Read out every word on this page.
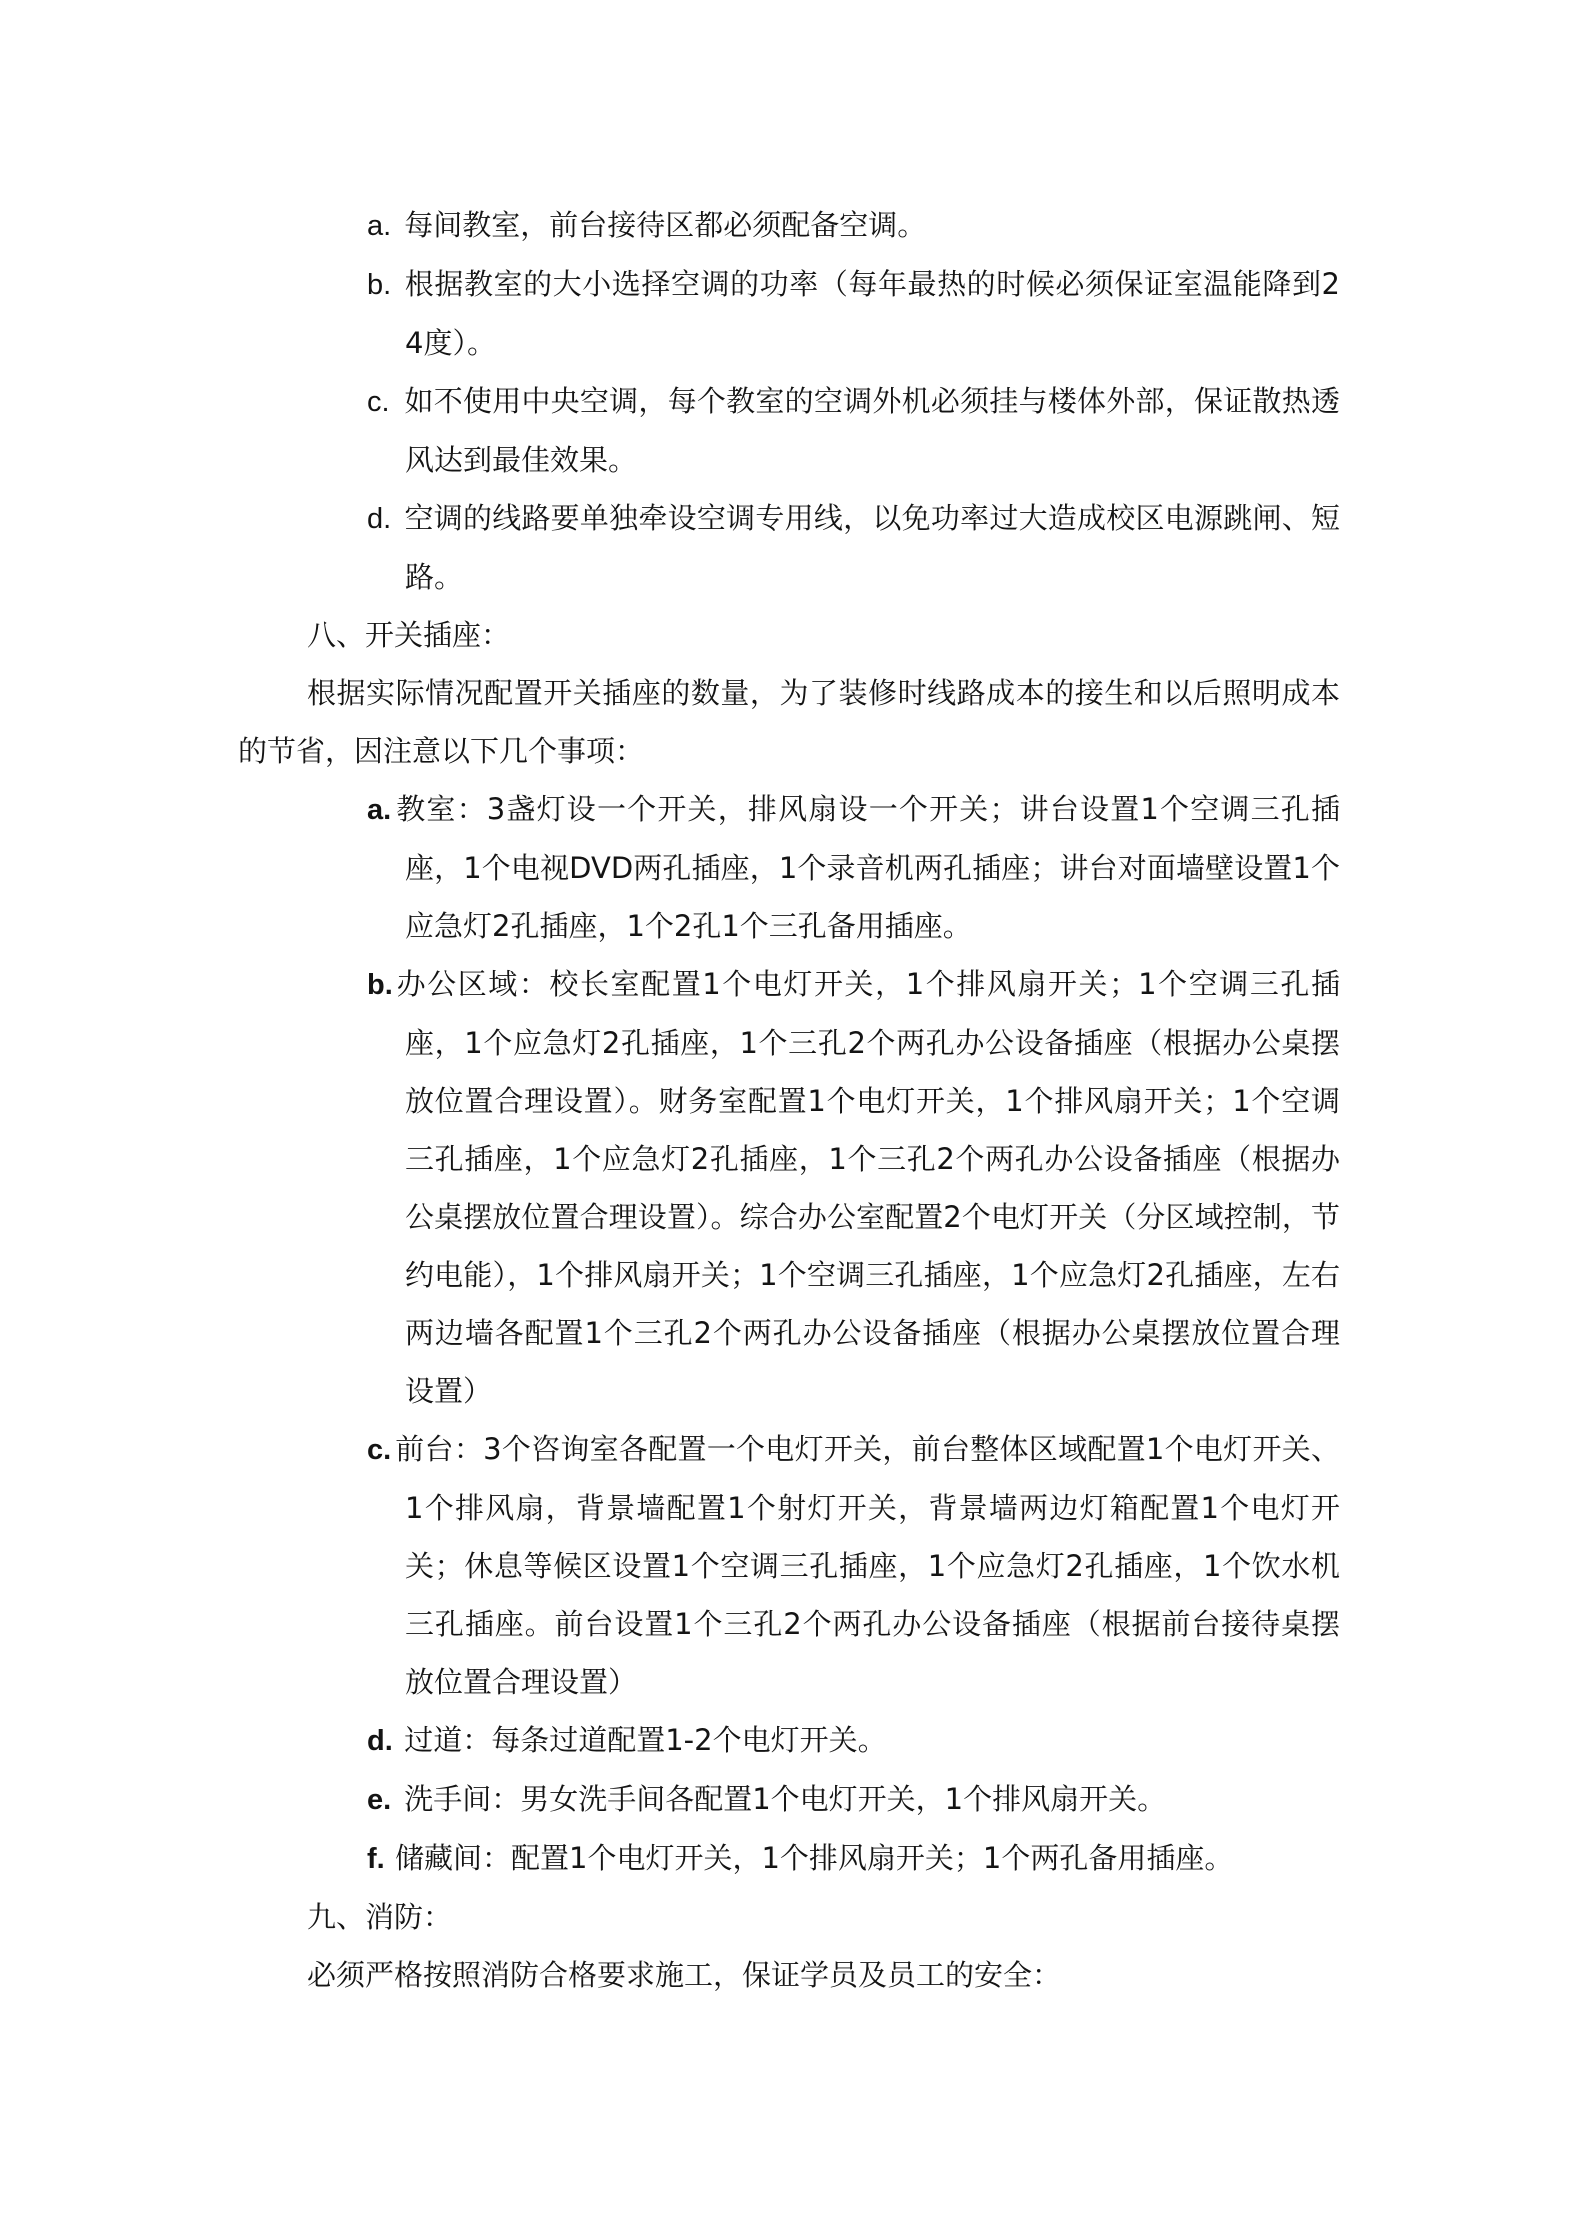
a. 每间教室，前台接待区都必须配备空调。

b. 根据教室的大小选择空调的功率（每年最热的时候必须保证室温能降到24度）。

c. 如不使用中央空调，每个教室的空调外机必须挂与楼体外部，保证散热透风达到最佳效果。

d. 空调的线路要单独牵设空调专用线，以免功率过大造成校区电源跳闸、短路。

八、开关插座：

根据实际情况配置开关插座的数量，为了装修时线路成本的接生和以后照明成本的节省，因注意以下几个事项：

a. 教室：3盏灯设一个开关，排风扇设一个开关；讲台设置1个空调三孔插座，1个电视DVD两孔插座，1个录音机两孔插座；讲台对面墙壁设置1个应急灯2孔插座，1个2孔1个三孔备用插座。

b.办公区域：校长室配置1个电灯开关，1个排风扇开关；1个空调三孔插座，1个应急灯2孔插座，1个三孔2个两孔办公设备插座（根据办公桌摆放位置合理设置）。财务室配置1个电灯开关，1个排风扇开关；1个空调三孔插座，1个应急灯2孔插座，1个三孔2个两孔办公设备插座（根据办公桌摆放位置合理设置）。综合办公室配置2个电灯开关（分区域控制，节约电能），1个排风扇开关；1个空调三孔插座，1个应急灯2孔插座，左右两边墙各配置1个三孔2个两孔办公设备插座（根据办公桌摆放位置合理设置）

c. 前台：3个咨询室各配置一个电灯开关，前台整体区域配置1个电灯开关、1个排风扇，背景墙配置1个射灯开关，背景墙两边灯箱配置1个电灯开关；休息等候区设置1个空调三孔插座，1个应急灯2孔插座，1个饮水机三孔插座。前台设置1个三孔2个两孔办公设备插座（根据前台接待桌摆放位置合理设置）

d. 过道：每条过道配置1-2个电灯开关。

e. 洗手间：男女洗手间各配置1个电灯开关，1个排风扇开关。

f. 储藏间：配置1个电灯开关，1个排风扇开关；1个两孔备用插座。

九、消防：

必须严格按照消防合格要求施工，保证学员及员工的安全：
